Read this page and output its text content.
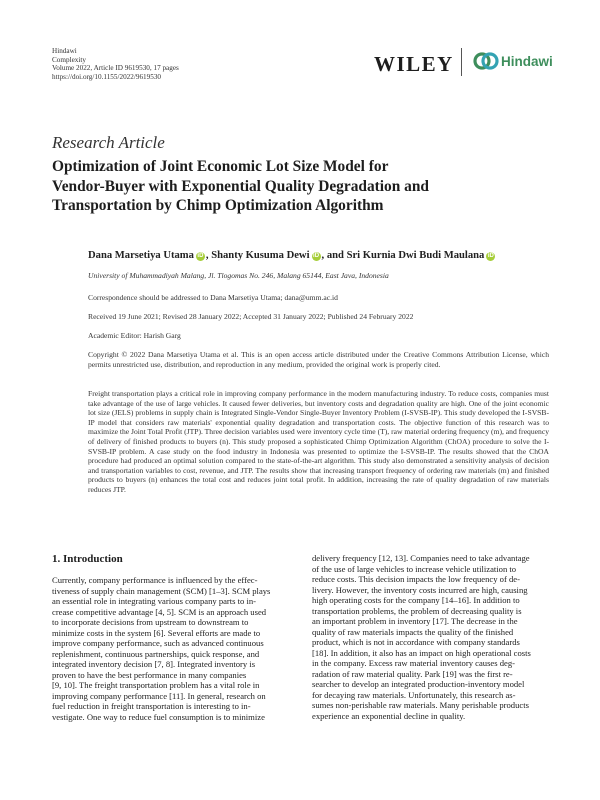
Hindawi
Complexity
Volume 2022, Article ID 9619530, 17 pages
https://doi.org/10.1155/2022/9619530
WILEY	Hindawi
Research Article
Optimization of Joint Economic Lot Size Model for
Vendor-Buyer with Exponential Quality Degradation and
Transportation by Chimp Optimization Algorithm
Dana Marsetiya Utama iD , Shanty Kusuma Dewi iD , and Sri Kurnia Dwi Budi Maulana iD
University of Muhammadiyah Malang, Jl. Tlogomas No. 246, Malang 65144, East Java, Indonesia
Correspondence should be addressed to Dana Marsetiya Utama; dana@umm.ac.id
Received 19 June 2021; Revised 28 January 2022; Accepted 31 January 2022; Published 24 February 2022
Academic Editor: Harish Garg
Copyright © 2022 Dana Marsetiya Utama et al. This is an open access article distributed under the Creative Commons Attribution License, which permits unrestricted use, distribution, and reproduction in any medium, provided the original work is properly cited.
Freight transportation plays a critical role in improving company performance in the modern manufacturing industry. To reduce costs, companies must take advantage of the use of large vehicles. It caused fewer deliveries, but inventory costs and degradation quality are high. One of the joint economic lot size (JELS) problems in supply chain is Integrated Single-Vendor Single-Buyer Inventory Problem (I-SVSB-IP). This study developed the I-SVSB-IP model that considers raw materials' exponential quality degradation and transportation costs. The objective function of this research was to maximize the Joint Total Profit (JTP). Three decision variables used were inventory cycle time (T), raw material ordering frequency (m), and frequency of delivery of finished products to buyers (n). This study proposed a sophisticated Chimp Optimization Algorithm (ChOA) procedure to solve the I-SVSB-IP problem. A case study on the food industry in Indonesia was presented to optimize the I-SVSB-IP. The results showed that the ChOA procedure had produced an optimal solution compared to the state-of-the-art algorithm. This study also demonstrated a sensitivity analysis of decision and transportation variables to cost, revenue, and JTP. The results show that increasing transport frequency of ordering raw materials (m) and finished products to buyers (n) enhances the total cost and reduces joint total profit. In addition, increasing the rate of quality degradation of raw materials reduces JTP.
1. Introduction
Currently, company performance is influenced by the effec-
tiveness of supply chain management (SCM) [1–3]. SCM plays
an essential role in integrating various company parts to in-
crease competitive advantage [4, 5]. SCM is an approach used
to incorporate decisions from upstream to downstream to
minimize costs in the system [6]. Several efforts are made to
improve company performance, such as advanced continuous
replenishment, continuous partnerships, quick response, and
integrated inventory decision [7, 8]. Integrated inventory is
proven to have the best performance in many companies
[9, 10]. The freight transportation problem has a vital role in
improving company performance [11]. In general, research on
fuel reduction in freight transportation is interesting to in-
vestigate. One way to reduce fuel consumption is to minimize
delivery frequency [12, 13]. Companies need to take advantage
of the use of large vehicles to increase vehicle utilization to
reduce costs. This decision impacts the low frequency of de-
livery. However, the inventory costs incurred are high, causing
high operating costs for the company [14–16]. In addition to
transportation problems, the problem of decreasing quality is
an important problem in inventory [17]. The decrease in the
quality of raw materials impacts the quality of the finished
product, which is not in accordance with company standards
[18]. In addition, it also has an impact on high operational costs
in the company. Excess raw material inventory causes deg-
radation of raw material quality. Park [19] was the first re-
searcher to develop an integrated production-inventory model
for decaying raw materials. Unfortunately, this research as-
sumes non-perishable raw materials. Many perishable products
experience an exponential decline in quality.
